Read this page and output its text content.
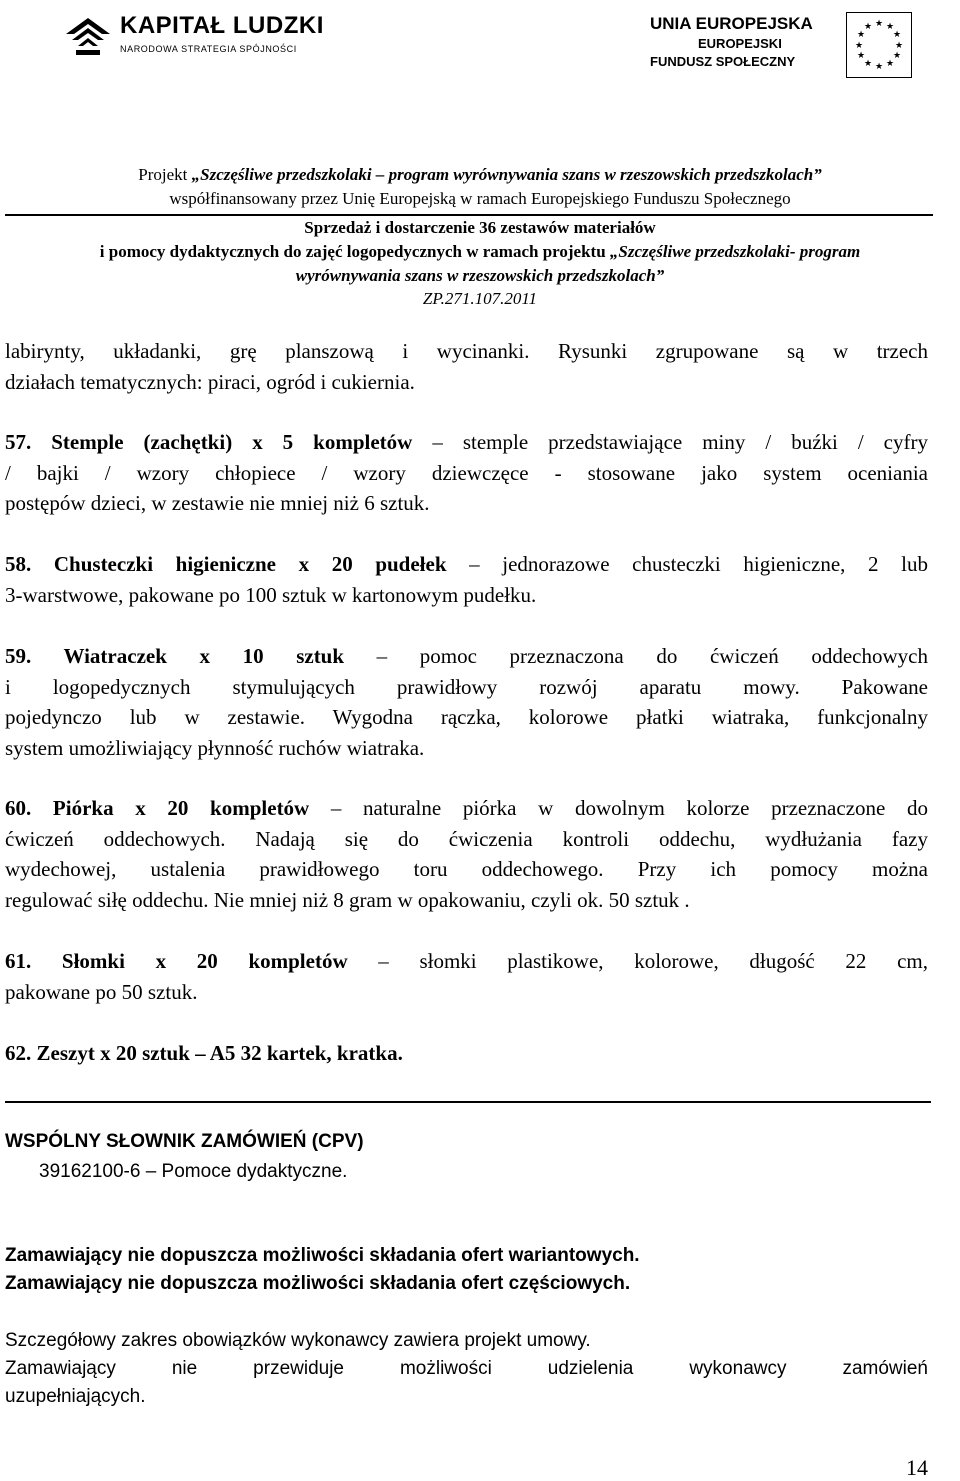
KAPITAŁ LUDZKI
NARODOWA STRATEGIA SPÓJNOŚCI
UNIA EUROPEJSKA
EUROPEJSKI
FUNDUSZ SPOŁECZNY
★ ★
★
★
★
★
★
★
★
★
★
★
Projekt „Szczęśliwe przedszkolaki – program wyrównywania szans w rzeszowskich przedszkolach”
współfinansowany przez Unię Europejską w ramach Europejskiego Funduszu Społecznego
Sprzedaż i dostarczenie 36 zestawów materiałów
i pomocy dydaktycznych do zajęć logopedycznych w ramach projektu „Szczęśliwe przedszkolaki- program
wyrównywania szans w rzeszowskich przedszkolach”
ZP.271.107.2011
labirynty, układanki, grę planszową i wycinanki. Rysunki zgrupowane są w trzech
działach tematycznych: piraci, ogród i cukiernia.
57. Stemple (zachętki) x 5 kompletów – stemple przedstawiające miny / buźki / cyfry
/ bajki / wzory chłopiece / wzory dziewczęce - stosowane jako system oceniania
postępów dzieci, w zestawie nie mniej niż 6 sztuk.
58. Chusteczki higieniczne x 20 pudełek – jednorazowe chusteczki higieniczne, 2 lub
3-warstwowe, pakowane po 100 sztuk w kartonowym pudełku.
59. Wiatraczek x 10 sztuk – pomoc przeznaczona do ćwiczeń oddechowych
i logopedycznych stymulujących prawidłowy rozwój aparatu mowy. Pakowane
pojedynczo lub w zestawie. Wygodna rączka, kolorowe płatki wiatraka, funkcjonalny
system umożliwiający płynność ruchów wiatraka.
60. Piórka x 20 kompletów – naturalne piórka w dowolnym kolorze przeznaczone do
ćwiczeń oddechowych. Nadają się do ćwiczenia kontroli oddechu, wydłużania fazy
wydechowej, ustalenia prawidłowego toru oddechowego. Przy ich pomocy można
regulować siłę oddechu. Nie mniej niż 8 gram w opakowaniu, czyli ok. 50 sztuk .
61. Słomki x 20 kompletów – słomki plastikowe, kolorowe, długość 22 cm,
pakowane po 50 sztuk.
62. Zeszyt x 20 sztuk – A5 32 kartek, kratka.
WSPÓLNY SŁOWNIK ZAMÓWIEŃ (CPV)
39162100-6 – Pomoce dydaktyczne.
Zamawiający nie dopuszcza możliwości składania ofert wariantowych.
Zamawiający nie dopuszcza możliwości składania ofert częściowych.
Szczegółowy zakres obowiązków wykonawcy zawiera projekt umowy.
Zamawiający nie przewiduje możliwości udzielenia wykonawcy zamówień
uzupełniających.
14
